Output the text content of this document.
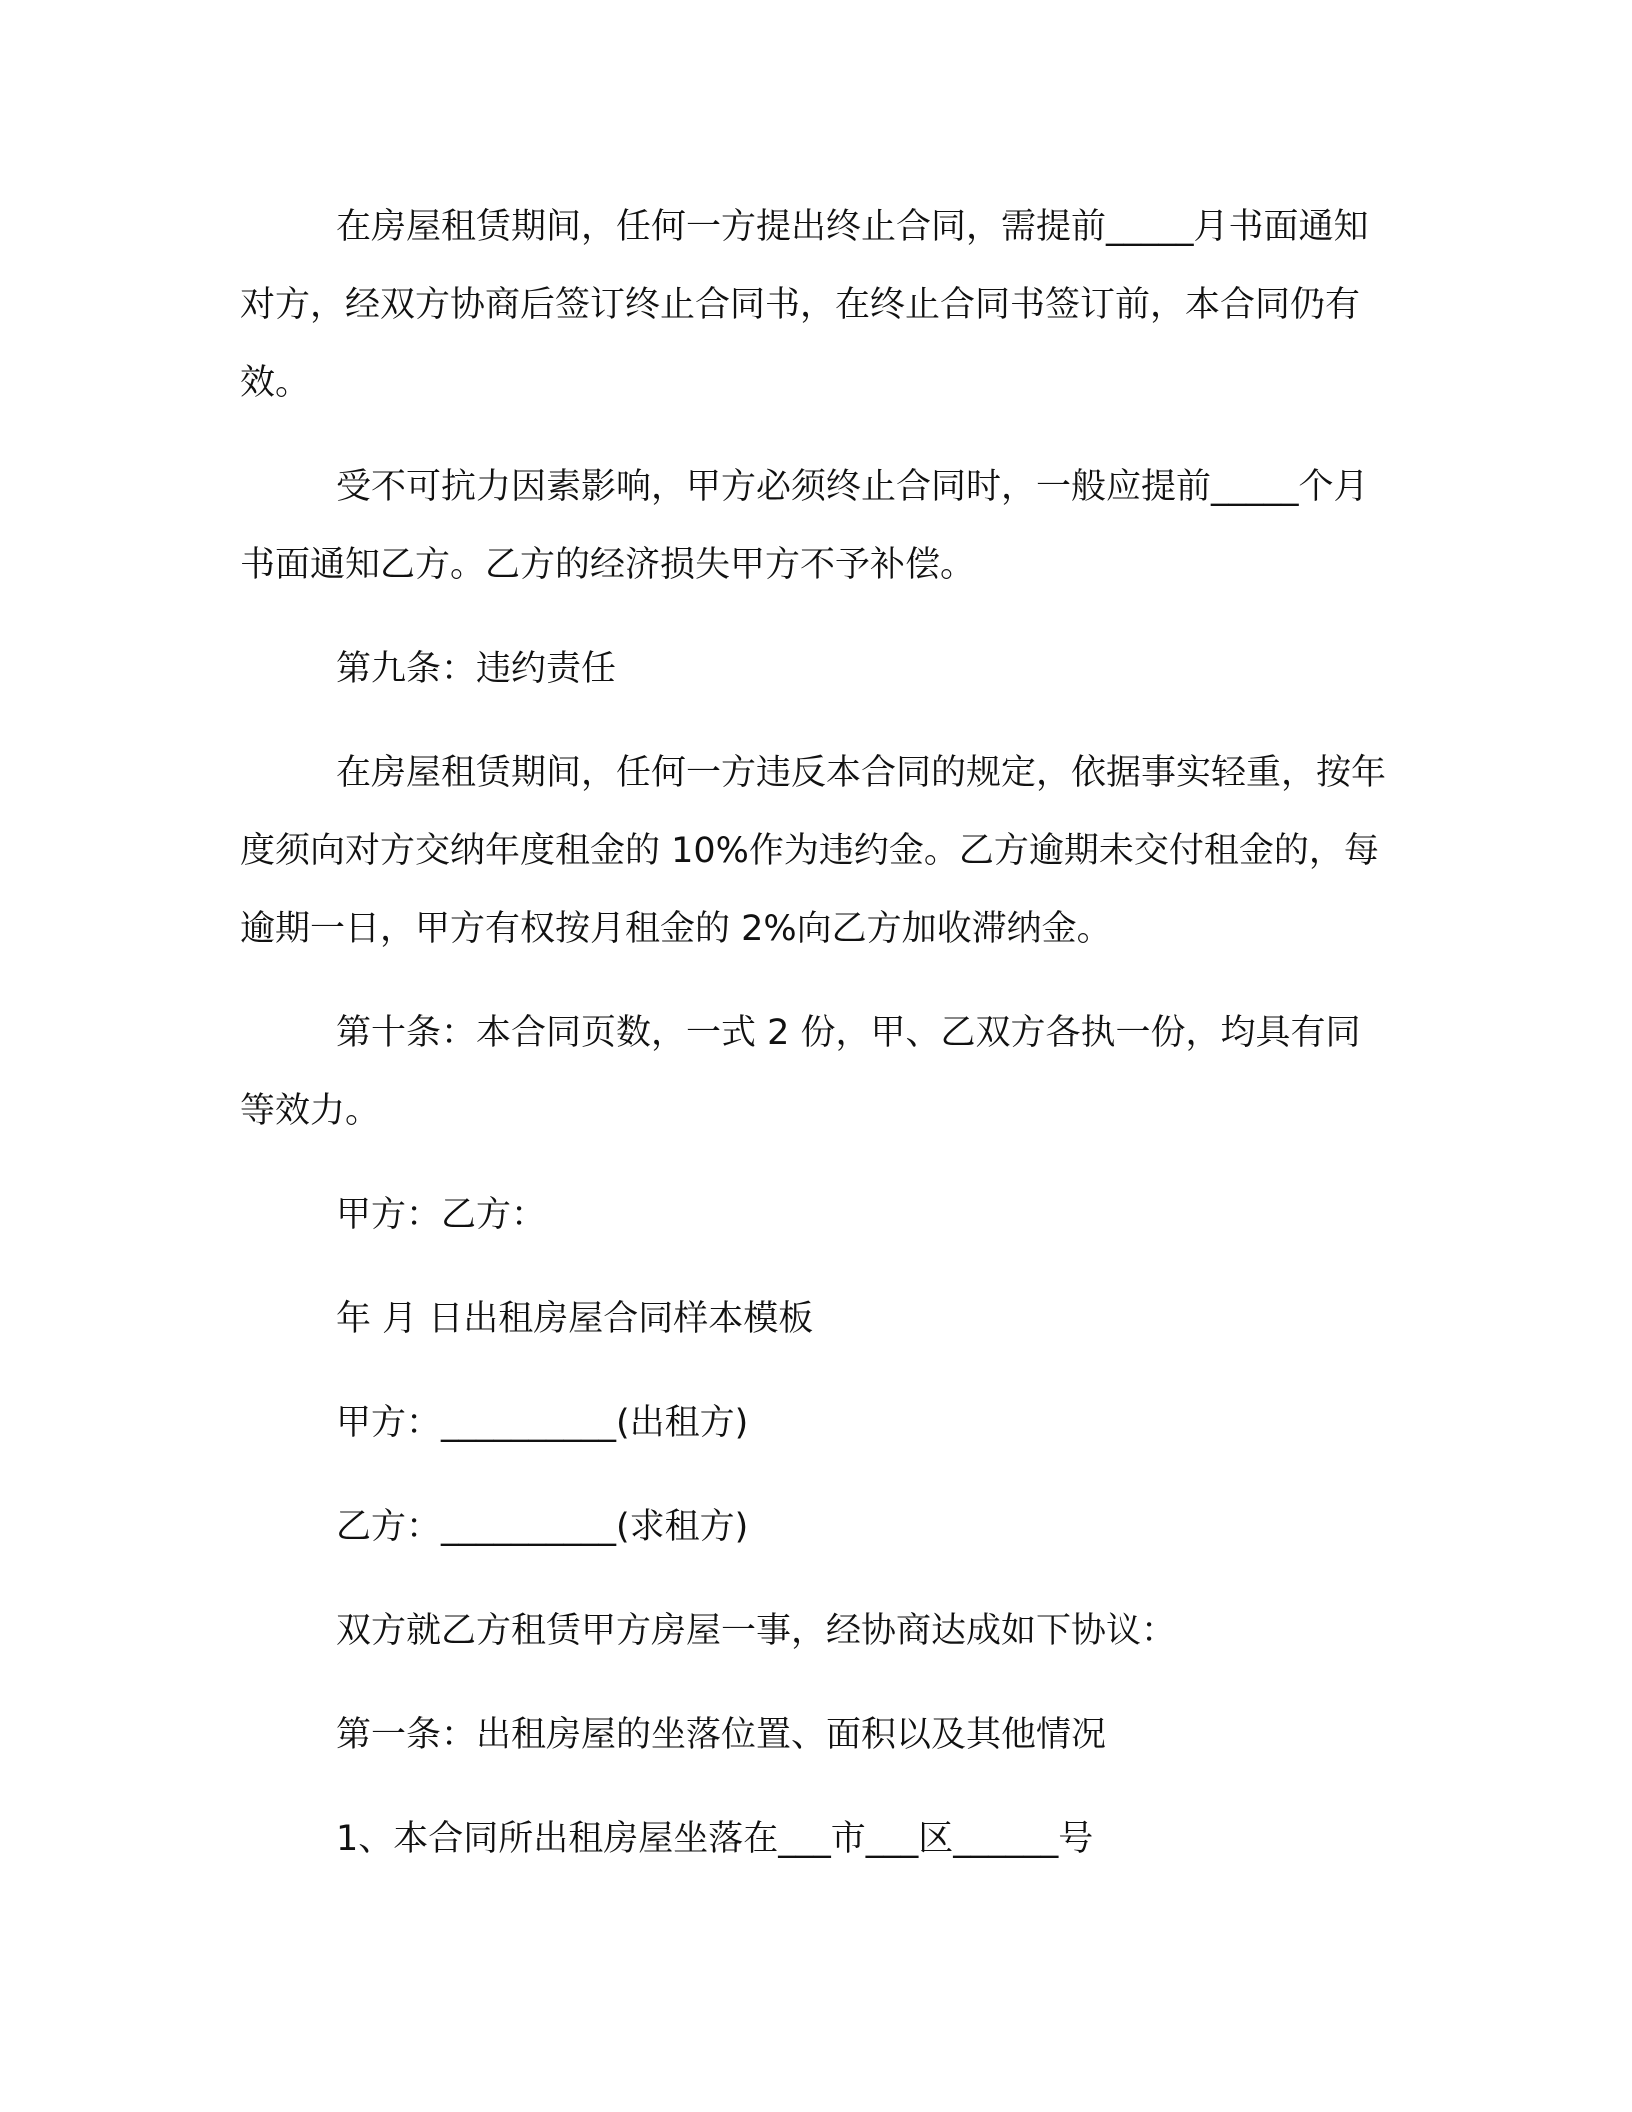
在房屋租赁期间，任何一方提出终止合同，需提前_____月书面通知对方，经双方协商后签订终止合同书，在终止合同书签订前，本合同仍有效。

受不可抗力因素影响，甲方必须终止合同时，一般应提前_____个月书面通知乙方。乙方的经济损失甲方不予补偿。

第九条：违约责任

在房屋租赁期间，任何一方违反本合同的规定，依据事实轻重，按年度须向对方交纳年度租金的 10%作为违约金。乙方逾期未交付租金的，每逾期一日，甲方有权按月租金的 2%向乙方加收滞纳金。

第十条：本合同页数，一式 2 份，甲、乙双方各执一份，均具有同等效力。

甲方：乙方：

年 月 日出租房屋合同样本模板

甲方：__________(出租方)

乙方：__________(求租方)

双方就乙方租赁甲方房屋一事，经协商达成如下协议：

第一条：出租房屋的坐落位置、面积以及其他情况

1、本合同所出租房屋坐落在___市___区______号
